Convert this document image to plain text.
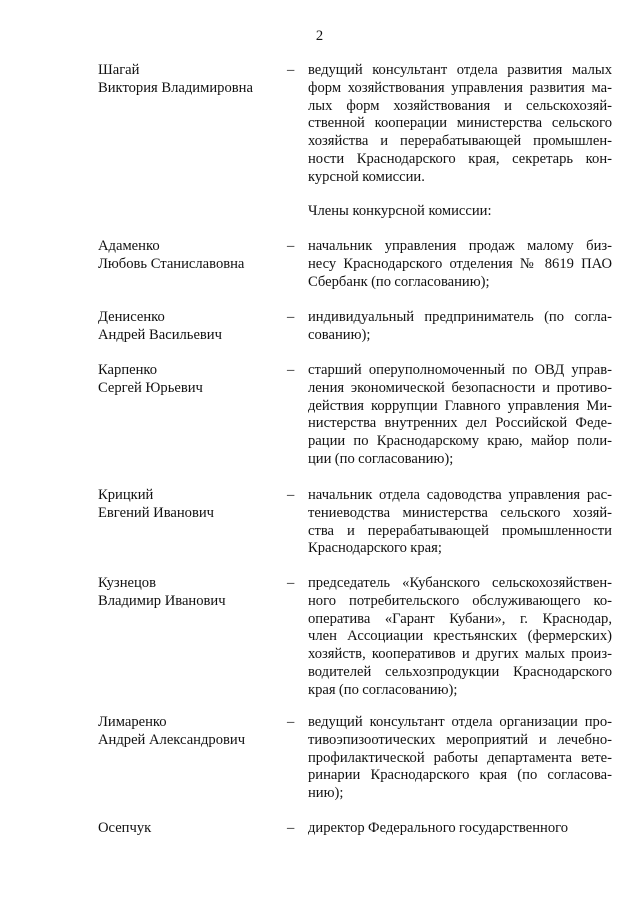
2
Шагай
Виктория Владимировна
– ведущий консультант отдела развития малых
форм хозяйствования управления развития ма-
лых форм хозяйствования и сельскохозяй-
ственной кооперации министерства сельского
хозяйства и перерабатывающей промышлен-
ности Краснодарского края, секретарь кон-
курсной комиссии.
Адаменко
Любовь Станиславовна
– начальник управления продаж малому биз-
несу Краснодарского отделения № 8619 ПАО
Сбербанк (по согласованию);
Денисенко
Андрей Васильевич
– индивидуальный предприниматель (по согла-
сованию);
Карпенко
Сергей Юрьевич
– старший оперуполномоченный по ОВД управ-
ления экономической безопасности и противо-
действия коррупции Главного управления Ми-
нистерства внутренних дел Российской Феде-
рации по Краснодарскому краю, майор поли-
ции (по согласованию);
Крицкий
Евгений Иванович
– начальник отдела садоводства управления рас-
тениеводства министерства сельского хозяй-
ства и перерабатывающей промышленности
Краснодарского края;
Кузнецов
Владимир Иванович
– председатель «Кубанского сельскохозяйствен-
ного потребительского обслуживающего ко-
оператива «Гарант Кубани», г. Краснодар,
член Ассоциации крестьянских (фермерских)
хозяйств, кооперативов и других малых произ-
водителей сельхозпродукции Краснодарского
края (по согласованию);
Лимаренко
Андрей Александрович
– ведущий консультант отдела организации про-
тивоэпизоотических мероприятий и лечебно-
профилактической работы департамента вете-
ринарии Краснодарского края (по согласова-
нию);
Осепчук	– директор Федерального государственного
Члены конкурсной комиссии:
